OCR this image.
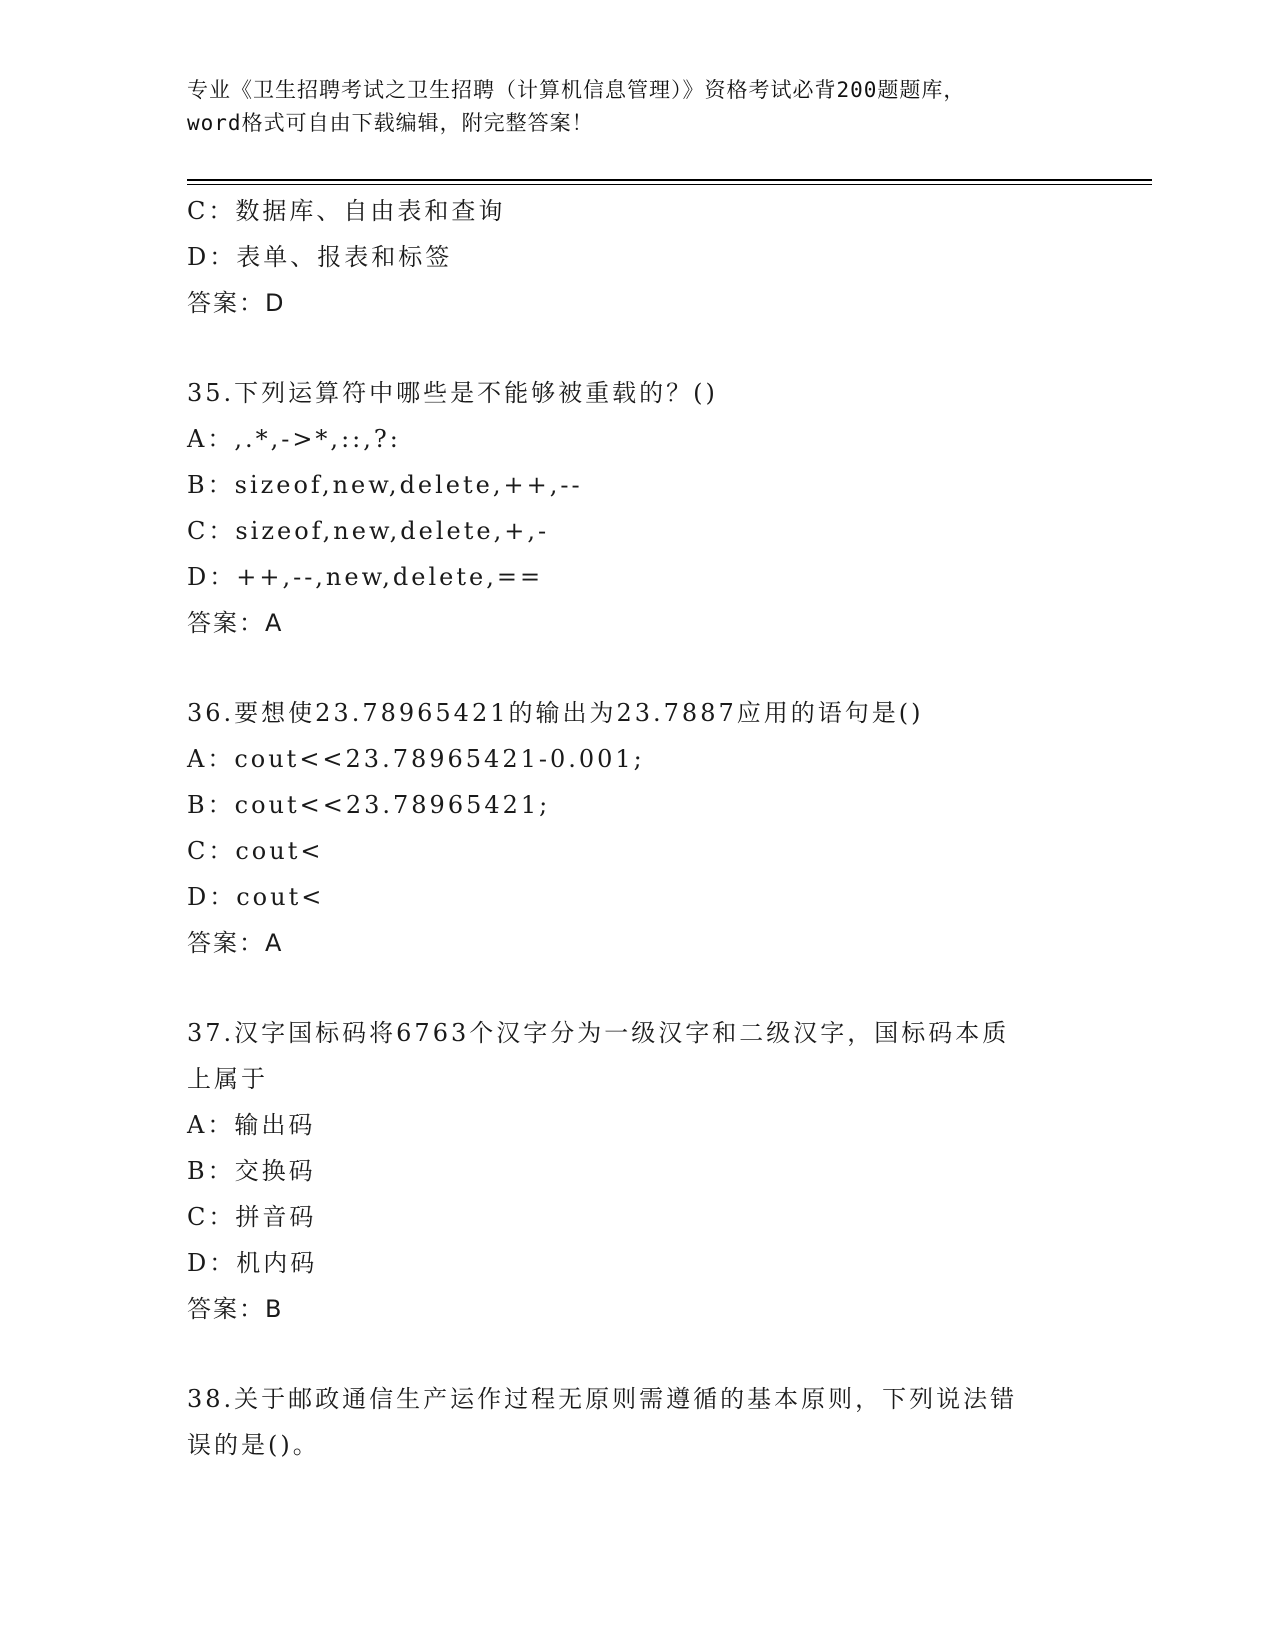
专业《卫生招聘考试之卫生招聘（计算机信息管理）》资格考试必背200题题库，
word格式可自由下载编辑，附完整答案！
C：数据库、自由表和查询
D：表单、报表和标签
答案：D
35.下列运算符中哪些是不能够被重载的？()
A：,.*,->*,::,?:
B：sizeof,new,delete,++,--
C：sizeof,new,delete,+,-
D：++,--,new,delete,==
答案：A
36.要想使23.78965421的输出为23.7887应用的语句是()
A：cout<<23.78965421-0.001;
B：cout<<23.78965421;
C：cout<
D：cout<
答案：A
37.汉字国标码将6763个汉字分为一级汉字和二级汉字，国标码本质
上属于
A：输出码
B：交换码
C：拼音码
D：机内码
答案：B
38.关于邮政通信生产运作过程无原则需遵循的基本原则，下列说法错
误的是()。
